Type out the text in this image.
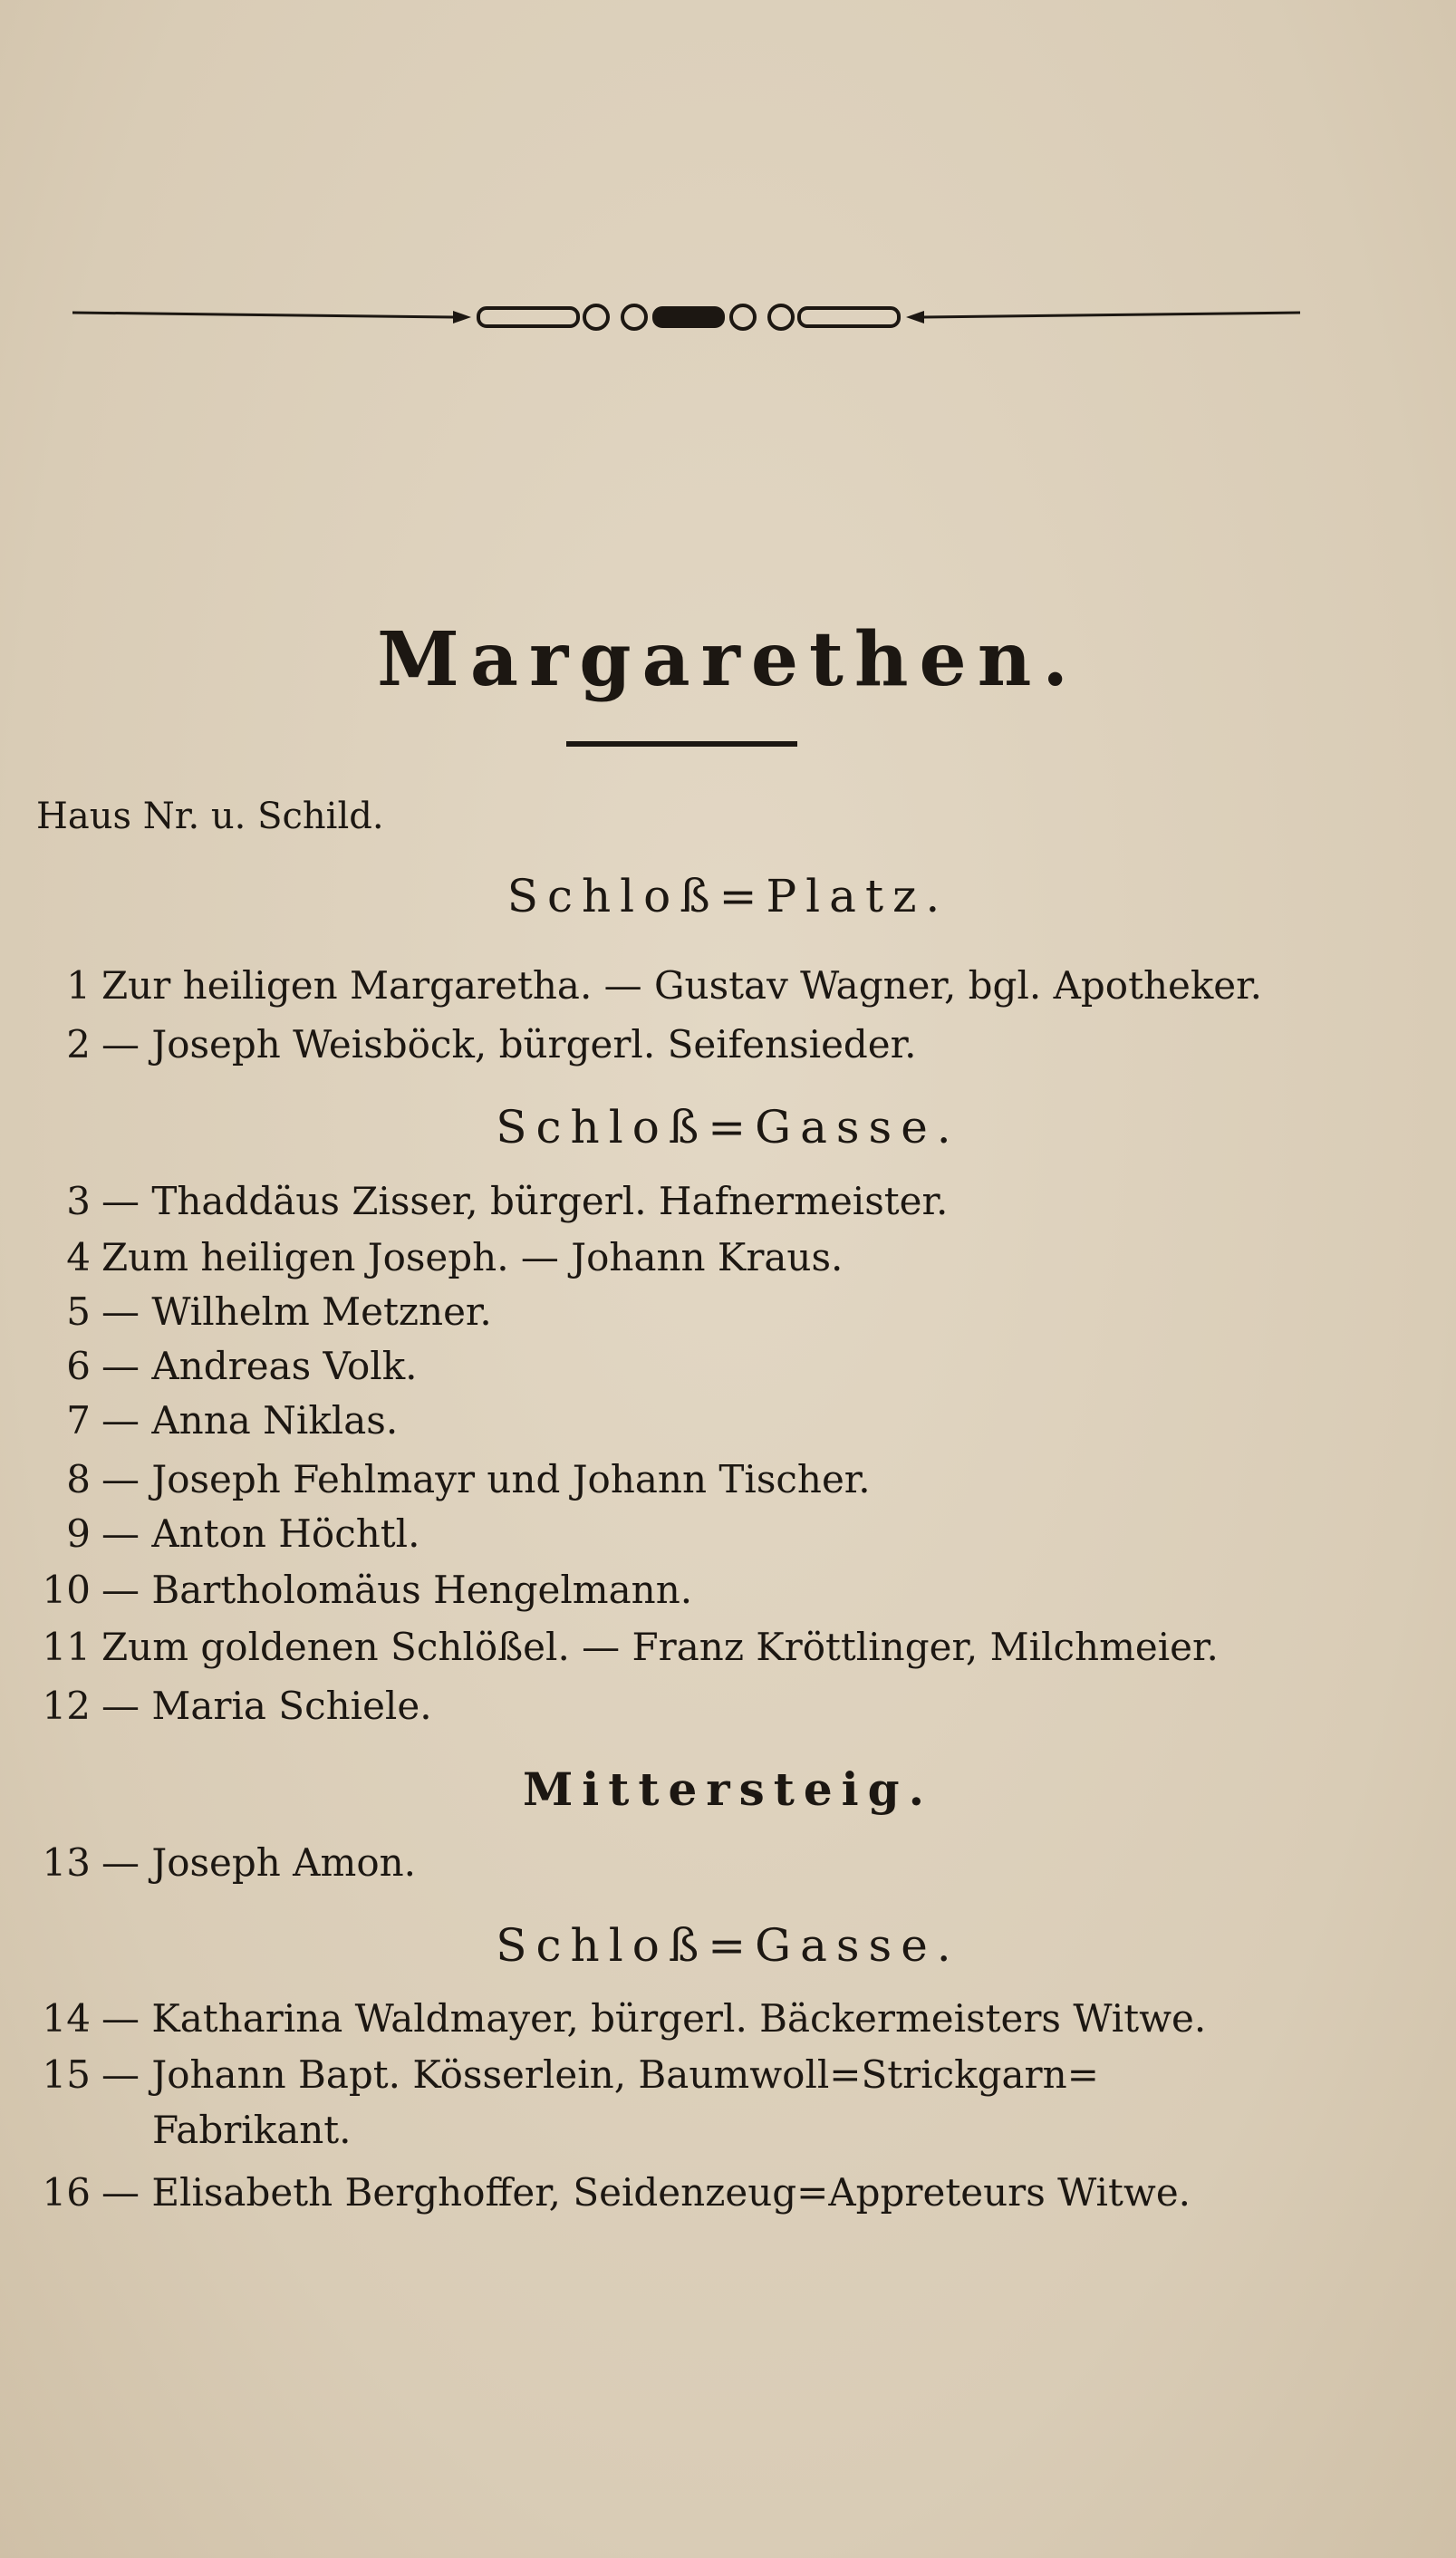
Margarethen.

Haus Nr. u. Schild.

Schloß=Platz.

1 Zur heiligen Margaretha. — Gustav Wagner, bgl. Apotheker.

2 — Joseph Weisböck, bürgerl. Seifensieder.

Schloß=Gasse.

3 — Thaddäus Zisser, bürgerl. Hafnermeister.

4 Zum heiligen Joseph. — Johann Kraus.

5 — Wilhelm Metzner.

6 — Andreas Volk.

7 — Anna Niklas.

8 — Joseph Fehlmayr und Johann Tischer.

9 — Anton Höchtl.

10 — Bartholomäus Hengelmann.

11 Zum goldenen Schlößel. — Franz Kröttlinger, Milchmeier.

12 — Maria Schiele.

Mittersteig.

13 — Joseph Amon.

Schloß=Gasse.

14 — Katharina Waldmayer, bürgerl. Bäckermeisters Witwe.

15 — Johann Bapt. Kösserlein, Baumwoll=Strickgarn=

Fabrikant.

16 — Elisabeth Berghoffer, Seidenzeug=Appreteurs Witwe.
